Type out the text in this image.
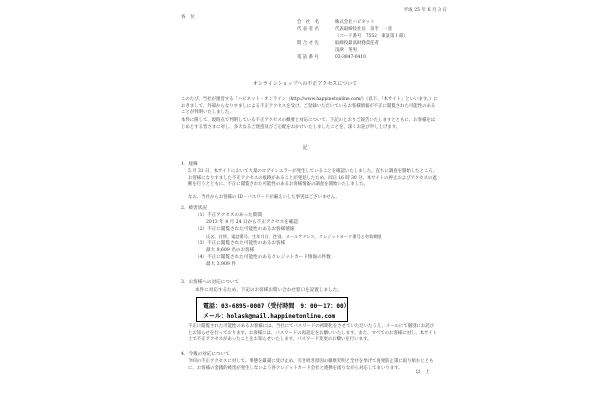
平成 25 年 6 月 3 日
各　位
会　社　名	株式会社ハピネット
代 表 者 名	代表取締役社長　苗手　一彦
（コード番号　7552　東証第１部）
問 合 せ 先	取締役最高財務責任者
浅津　英男
電 話 番 号	03-3847-0410
オンラインショップへの不正アクセスについて
このたび、当社が運営する「ハピネット・オンライン（http://www.happinetonline.com/）（以下、「本サイト」といいます。）におきまして、外部からなりすましによる不正アクセスを受け、ご登録いただいているお客様情報が不正に閲覧された可能性のあることが判明いたしました。
本件に関して、現時点で判明している不正アクセスの概要と対応について、下記のとおりご報告いたしますとともに、お客様をはじめとする皆さまに対し、多大なるご迷惑及びご心配をおかけいたしましたことを、深くお詫び申し上げます。
記
1．経緯
5 月 31 日、本サイトにおいて大量のログインエラーが発生していることを確認いたしました。直ちに調査を開始したところ、お客様になりすました不正アクセスの痕跡があることが発見したため、同日 16 時 30 分、本サイトの停止およびアクセスの遮断を行うとともに、不正に閲覧された可能性のあるお客様情報の調査を開始いたしました。
なお、当社からお客様の ID・パスワードが漏えいした事実はございません。
2．被害状況
（1）不正アクセスのあった期間
2013 年 4 月 24 日から不正アクセスを確認
（2）不正に閲覧された可能性のあるお客様情報
氏名、住所、電話番号、生年月日、性別、メールアドレス、クレジットカード番号と有効期限
（3）不正に閲覧された可能性のあるお客様
最大 9,609 名のお客様
（4）不正に閲覧された可能性のあるクレジットカード情報の件数
最大 3,909 件
3．お客様への対応について
本件に対応するため、下記のお客様お問い合わせ窓口を設置しました。
電話：03-6895-0007（受付時間　9：00〜17：00）
メール：holask@mail.happinetonline.com
不正に閲覧された可能性のあるお客様には、当社にてパスワードの初期化をさせていただいたうえ、メールにて個別にお詫びとお知らせを行っております。お客様には、パスワードの再設定をお願いいたします。また、すべてのお客様に対し、本サイト上で不正アクセスがあったことをお知らせいたします。パスワード変更のお願いを行います。
4．今後の対応について
今回の不正アクセスに対して、事態を厳粛に受け止め、引き続き原因の徹底究明と全社を挙げて再発防止策に取り組むとともに、お客様の金銭的被害が発生しないよう各クレジットカード会社と連携を図りながら対応してまいります。
以　上
